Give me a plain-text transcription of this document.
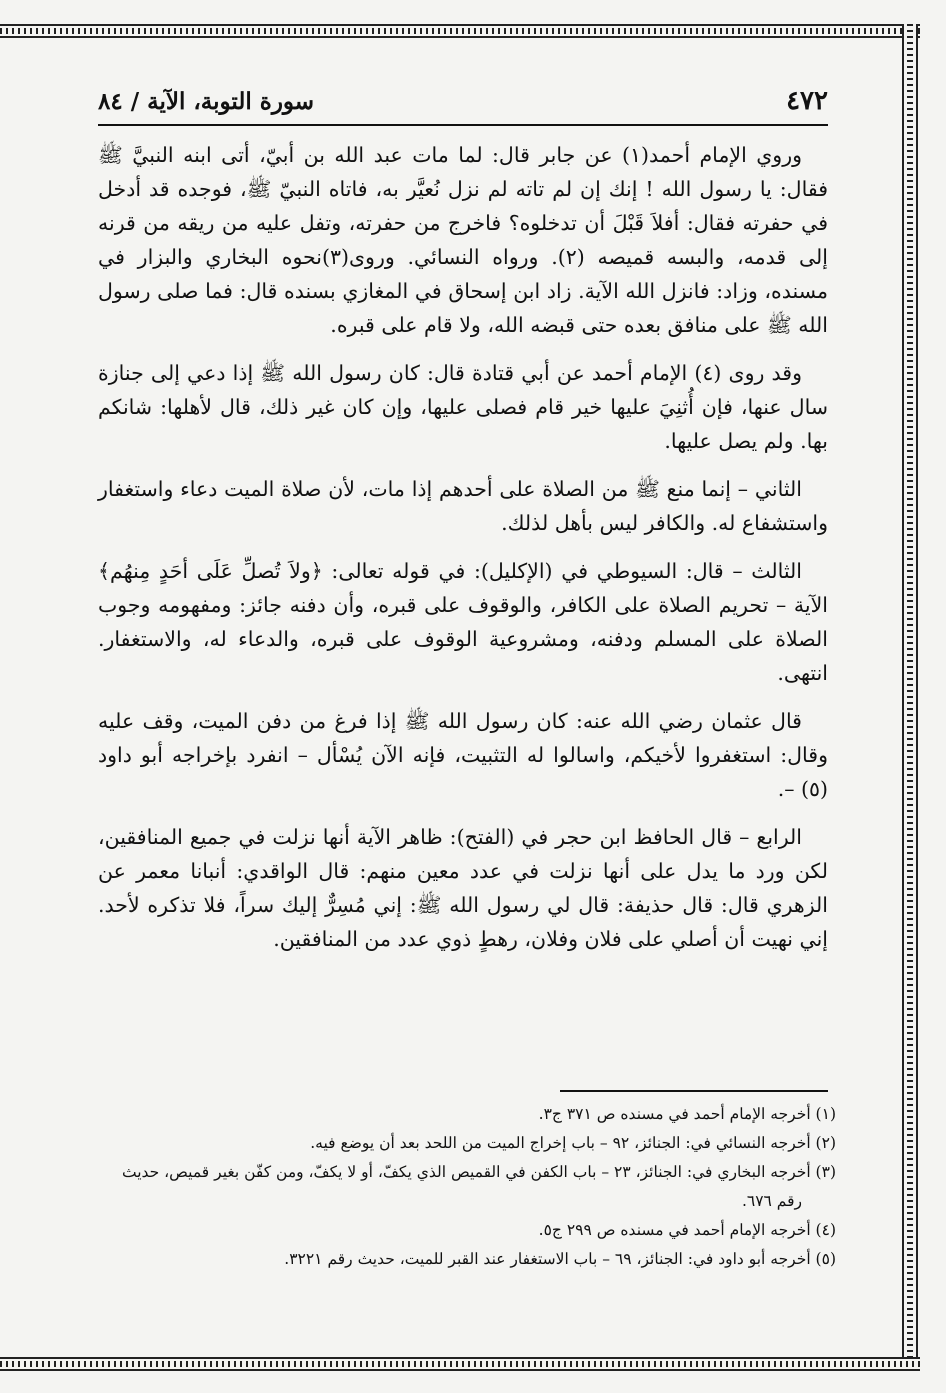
٤٧٢
سورة التوبة، الآية / ٨٤

وروي الإمام أحمد(١) عن جابر قال: لما مات عبد الله بن أبيّ، أتى ابنه النبيَّ ﷺ فقال: يا رسول الله ! إنك إن لم تاته لم نزل نُعيَّر به، فاتاه النبيّ ﷺ، فوجده قد أدخل في حفرته فقال: أفلاَ قَبْلَ أن تدخلوه؟ فاخرج من حفرته، وتفل عليه من ريقه من قرنه إلى قدمه، والبسه قميصه (٢). ورواه النسائي. وروى(٣)نحوه البخاري والبزار في مسنده، وزاد: فانزل الله الآية. زاد ابن إسحاق في المغازي بسنده قال: فما صلى رسول الله ﷺ على منافق بعده حتى قبضه الله، ولا قام على قبره.

وقد روى (٤) الإمام أحمد عن أبي قتادة قال: كان رسول الله ﷺ إذا دعي إلى جنازة سال عنها، فإن أُثنِيَ عليها خير قام فصلى عليها، وإن كان غير ذلك، قال لأهلها: شانكم بها. ولم يصل عليها.

الثاني – إنما منع ﷺ من الصلاة على أحدهم إذا مات، لأن صلاة الميت دعاء واستغفار واستشفاع له. والكافر ليس بأهل لذلك.

الثالث – قال: السيوطي في (الإكليل): في قوله تعالى: ﴿ولاَ تُصلِّ عَلَى أحَدٍ مِنهُم﴾ الآية – تحريم الصلاة على الكافر، والوقوف على قبره، وأن دفنه جائز: ومفهومه وجوب الصلاة على المسلم ودفنه، ومشروعية الوقوف على قبره، والدعاء له، والاستغفار. انتهى.

قال عثمان رضي الله عنه: كان رسول الله ﷺ إذا فرغ من دفن الميت، وقف عليه وقال: استغفروا لأخيكم، واسالوا له التثبيت، فإنه الآن يُسْأل – انفرد بإخراجه أبو داود (٥) –.

الرابع – قال الحافظ ابن حجر في (الفتح): ظاهر الآية أنها نزلت في جميع المنافقين، لكن ورد ما يدل على أنها نزلت في عدد معين منهم: قال الواقدي: أنبانا معمر عن الزهري قال: قال حذيفة: قال لي رسول الله ﷺ: إني مُسِرٌّ إليك سراً، فلا تذكره لأحد. إني نهيت أن أصلي على فلان وفلان، رهطٍ ذوي عدد من المنافقين.

(١) أخرجه الإمام أحمد في مسنده ص ٣٧١ ج٣.

(٢) أخرجه النسائي في: الجنائز، ٩٢ – باب إخراج الميت من اللحد بعد أن يوضع فيه.

(٣) أخرجه البخاري في: الجنائز، ٢٣ – باب الكفن في القميص الذي يكفّ، أو لا يكفّ، ومن كفّن بغير قميص، حديث رقم ٦٧٦.

(٤) أخرجه الإمام أحمد في مسنده ص ٢٩٩ ج٥.

(٥) أخرجه أبو داود في: الجنائز، ٦٩ – باب الاستغفار عند القبر للميت، حديث رقم ٣٢٢١.
